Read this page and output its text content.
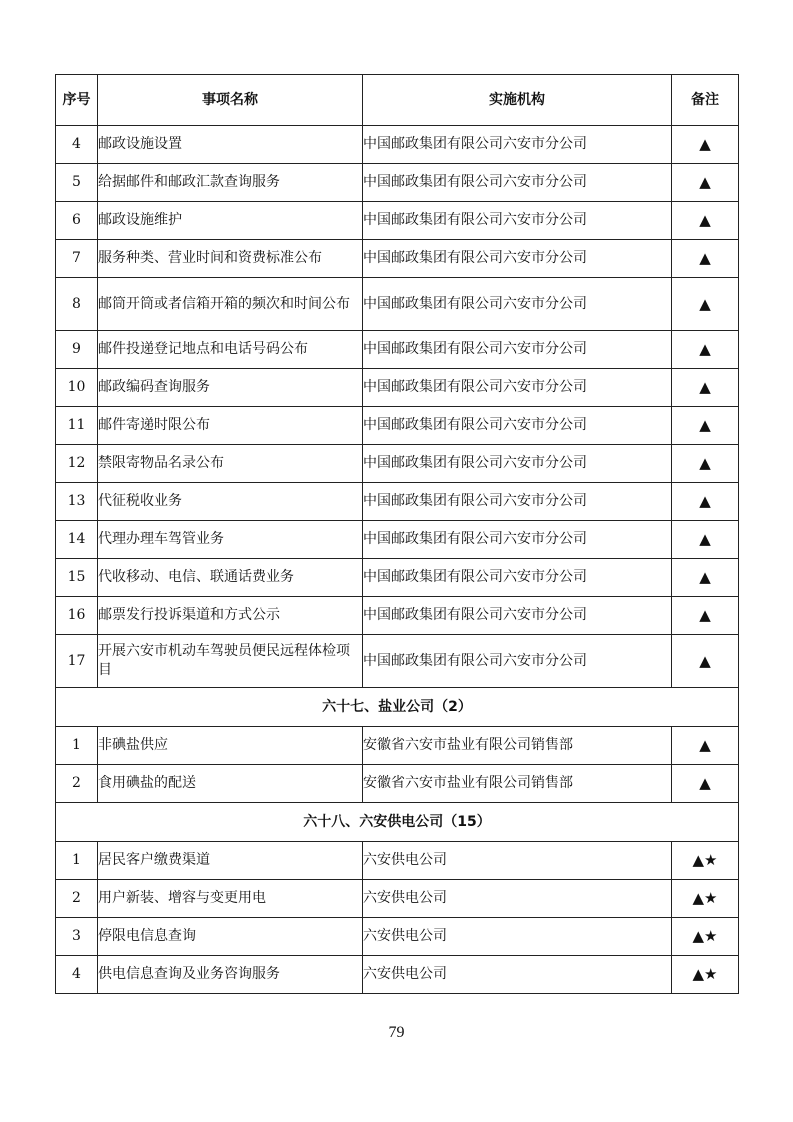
序号	事项名称	实施机构	备注
4	邮政设施设置	中国邮政集团有限公司六安市分公司	▲
5	给据邮件和邮政汇款查询服务	中国邮政集团有限公司六安市分公司	▲
6	邮政设施维护	中国邮政集团有限公司六安市分公司	▲
7	服务种类、营业时间和资费标准公布	中国邮政集团有限公司六安市分公司	▲
8	邮筒开筒或者信箱开箱的频次和时间公布	中国邮政集团有限公司六安市分公司	▲
9	邮件投递登记地点和电话号码公布	中国邮政集团有限公司六安市分公司	▲
10	邮政编码查询服务	中国邮政集团有限公司六安市分公司	▲
11	邮件寄递时限公布	中国邮政集团有限公司六安市分公司	▲
12	禁限寄物品名录公布	中国邮政集团有限公司六安市分公司	▲
13	代征税收业务	中国邮政集团有限公司六安市分公司	▲
14	代理办理车驾管业务	中国邮政集团有限公司六安市分公司	▲
15	代收移动、电信、联通话费业务	中国邮政集团有限公司六安市分公司	▲
16	邮票发行投诉渠道和方式公示	中国邮政集团有限公司六安市分公司	▲
17	开展六安市机动车驾驶员便民远程体检项目	中国邮政集团有限公司六安市分公司	▲
六十七、盐业公司（2）			
1	非碘盐供应	安徽省六安市盐业有限公司销售部	▲
2	食用碘盐的配送	安徽省六安市盐业有限公司销售部	▲
六十八、六安供电公司（15）			
1	居民客户缴费渠道	六安供电公司	▲★
2	用户新装、增容与变更用电	六安供电公司	▲★
3	停限电信息查询	六安供电公司	▲★
4	供电信息查询及业务咨询服务	六安供电公司	▲★
79
